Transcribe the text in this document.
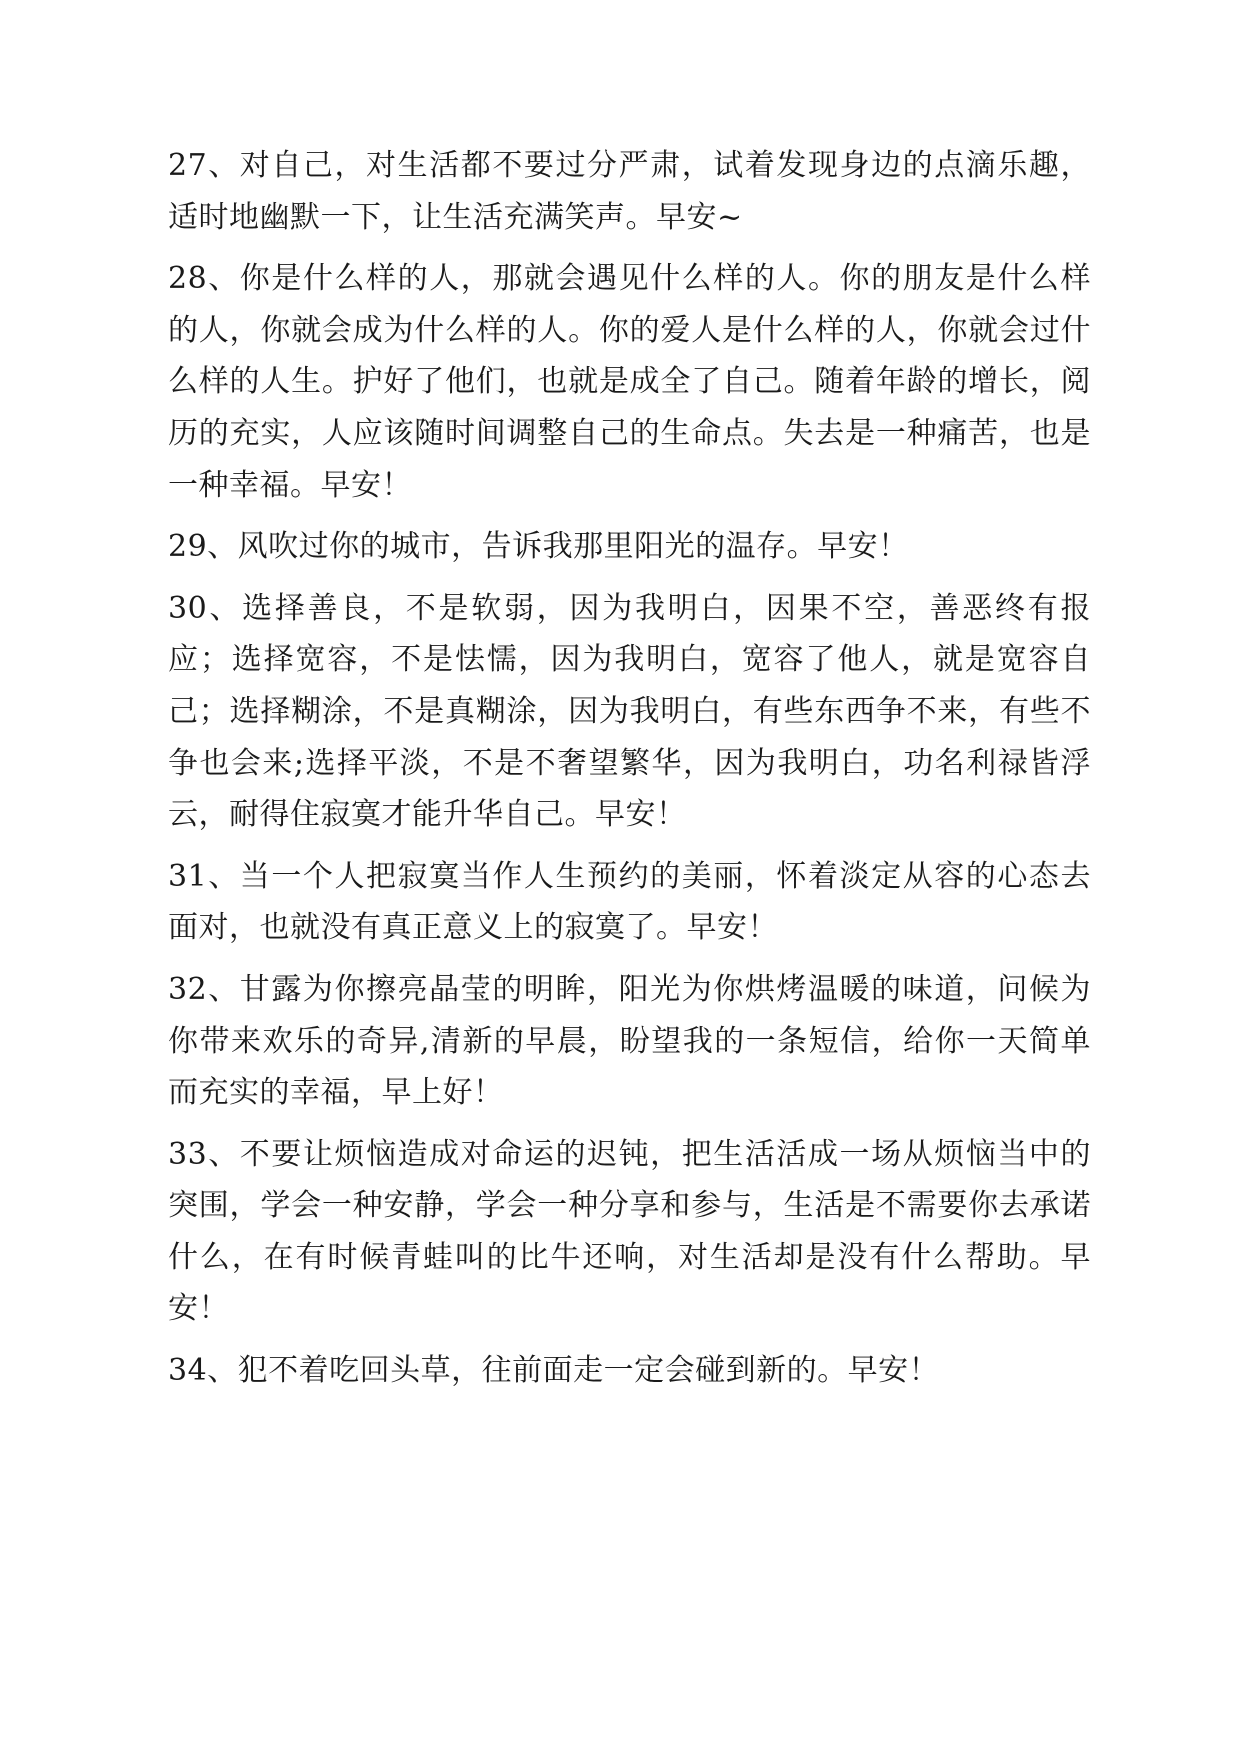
27、对自己，对生活都不要过分严肃，试着发现身边的点滴乐趣，适时地幽默一下，让生活充满笑声。早安~

28、你是什么样的人，那就会遇见什么样的人。你的朋友是什么样的人，你就会成为什么样的人。你的爱人是什么样的人，你就会过什么样的人生。护好了他们，也就是成全了自己。随着年龄的增长，阅历的充实，人应该随时间调整自己的生命点。失去是一种痛苦，也是一种幸福。早安！

29、风吹过你的城市，告诉我那里阳光的温存。早安！

30、选择善良，不是软弱，因为我明白，因果不空，善恶终有报应；选择宽容，不是怯懦，因为我明白，宽容了他人，就是宽容自己；选择糊涂，不是真糊涂，因为我明白，有些东西争不来，有些不争也会来;选择平淡，不是不奢望繁华，因为我明白，功名利禄皆浮云，耐得住寂寞才能升华自己。早安！

31、当一个人把寂寞当作人生预约的美丽，怀着淡定从容的心态去面对，也就没有真正意义上的寂寞了。早安！

32、甘露为你擦亮晶莹的明眸，阳光为你烘烤温暖的味道，问候为你带来欢乐的奇异,清新的早晨，盼望我的一条短信，给你一天简单而充实的幸福，早上好！

33、不要让烦恼造成对命运的迟钝，把生活活成一场从烦恼当中的突围，学会一种安静，学会一种分享和参与，生活是不需要你去承诺什么，在有时候青蛙叫的比牛还响，对生活却是没有什么帮助。早安！

34、犯不着吃回头草，往前面走一定会碰到新的。早安！
